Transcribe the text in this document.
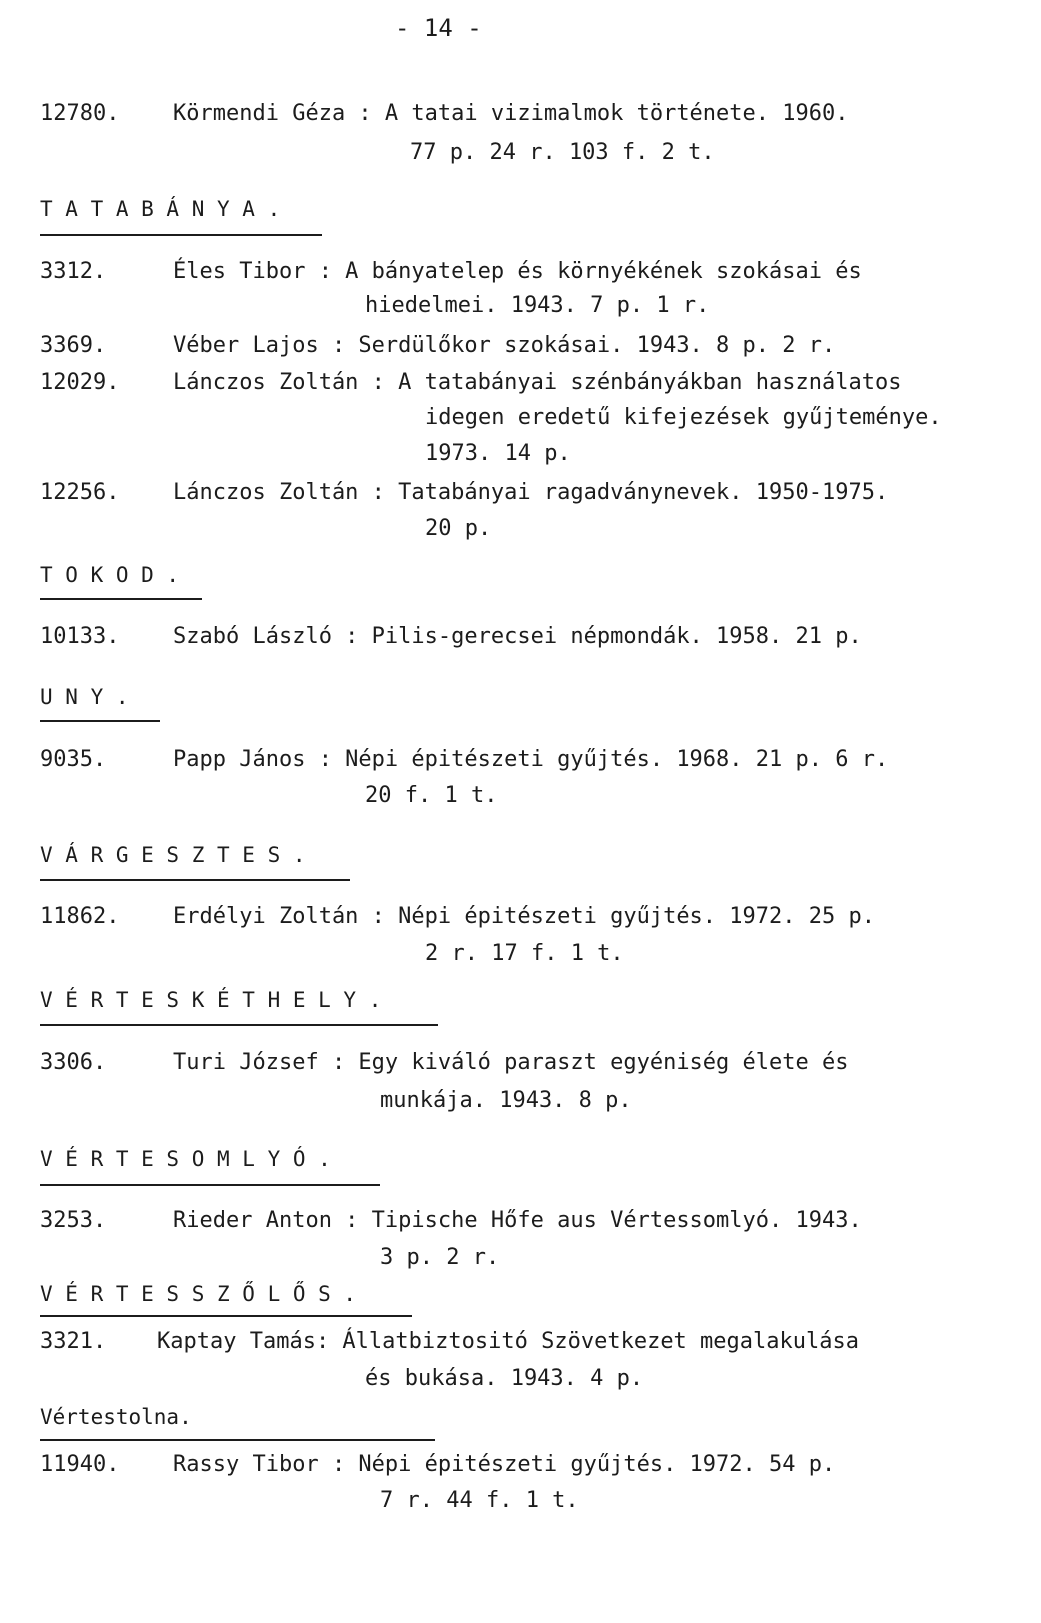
- 14 -
12780. Körmendi Géza : A tatai vizimalmok története. 1960.
77 p. 24 r. 103 f. 2 t.
T A T A B Á N Y A .
3312.	Éles Tibor : A bányatelep és környékének szokásai és
hiedelmei. 1943. 7 p. 1 r.
3369.	Véber Lajos : Serdülőkor szokásai. 1943. 8 p. 2 r.
12029. Lánczos Zoltán : A tatabányai szénbányákban használatos
idegen eredetű kifejezések gyűjteménye.
1973. 14 p.
12256. Lánczos Zoltán : Tatabányai ragadványnevek. 1950-1975.
20 p.
T O K O D .
10133. Szabó László : Pilis-gerecsei népmondák. 1958. 21 p.
U N Y .
9035.	Papp János : Népi épitészeti gyűjtés. 1968. 21 p. 6 r.
20 f. 1 t.
V Á R G E S Z T E S .
11862. Erdélyi Zoltán : Népi épitészeti gyűjtés. 1972. 25 p.
2 r. 17 f. 1 t.
V É R T E S K É T H E L Y .
3306.	Turi József : Egy kiváló paraszt egyéniség élete és
munkája. 1943. 8 p.
V É R T E S O M L Y Ó .
3253.	Rieder Anton : Tipische Hőfe aus Vértessomlyó. 1943.
3 p. 2 r.
V É R T E S S Z Ő L Ő S .
3321. Kaptay Tamás: Állatbiztositó Szövetkezet megalakulása
és bukása. 1943. 4 p.
Vértestolna.
11940. Rassy Tibor : Népi épitészeti gyűjtés. 1972. 54 p.
7 r. 44 f. 1 t.
